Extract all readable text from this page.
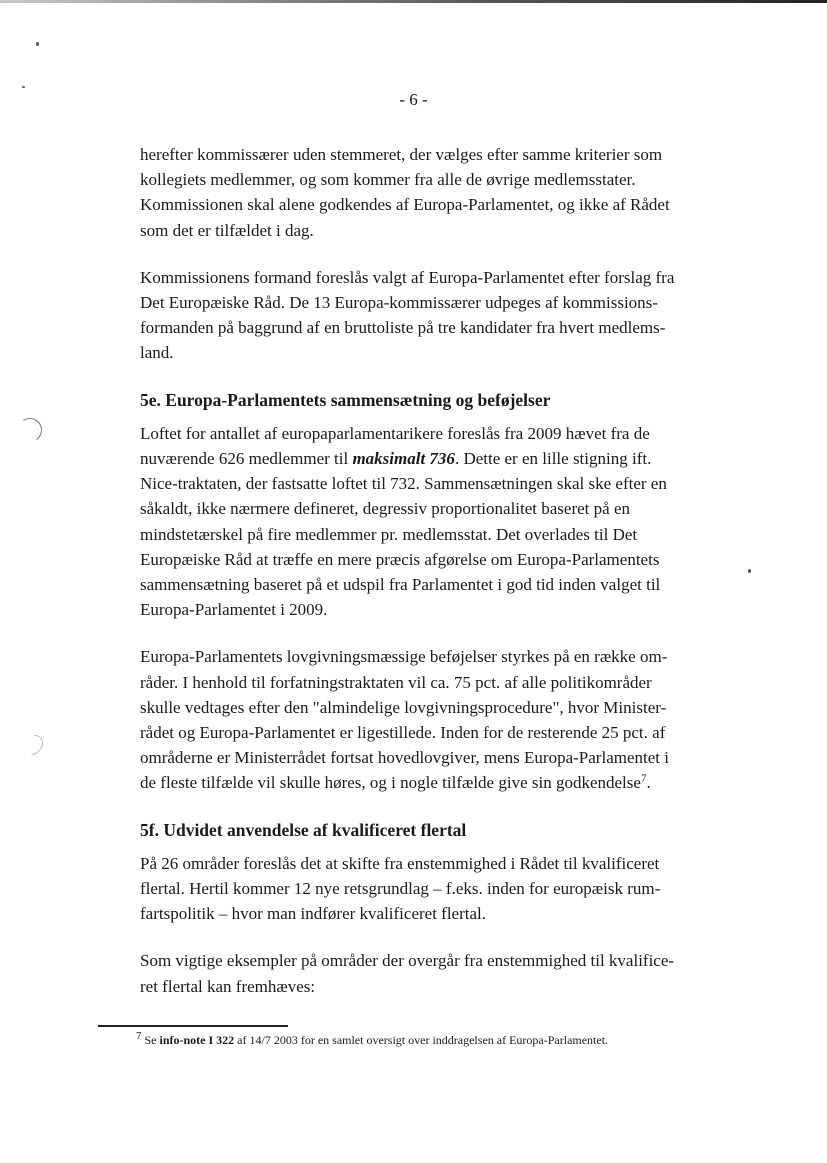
- 6 -

herefter kommissærer uden stemmeret, der vælges efter samme kriterier som
kollegiets medlemmer, og som kommer fra alle de øvrige medlemsstater.
Kommissionen skal alene godkendes af Europa-Parlamentet, og ikke af Rådet
som det er tilfældet i dag.

Kommissionens formand foreslås valgt af Europa-Parlamentet efter forslag fra
Det Europæiske Råd. De 13 Europa-kommissærer udpeges af kommissions-
formanden på baggrund af en bruttoliste på tre kandidater fra hvert medlems-
land.

5e. Europa-Parlamentets sammensætning og beføjelser

Loftet for antallet af europaparlamentarikere foreslås fra 2009 hævet fra de
nuværende 626 medlemmer til maksimalt 736. Dette er en lille stigning ift.
Nice-traktaten, der fastsatte loftet til 732. Sammensætningen skal ske efter en
såkaldt, ikke nærmere defineret, degressiv proportionalitet baseret på en
mindstetærskel på fire medlemmer pr. medlemsstat. Det overlades til Det
Europæiske Råd at træffe en mere præcis afgørelse om Europa-Parlamentets
sammensætning baseret på et udspil fra Parlamentet i god tid inden valget til
Europa-Parlamentet i 2009.

Europa-Parlamentets lovgivningsmæssige beføjelser styrkes på en række om-
råder. I henhold til forfatningstraktaten vil ca. 75 pct. af alle politikområder
skulle vedtages efter den "almindelige lovgivningsprocedure", hvor Minister-
rådet og Europa-Parlamentet er ligestillede. Inden for de resterende 25 pct. af
områderne er Ministerrådet fortsat hovedlovgiver, mens Europa-Parlamentet i
de fleste tilfælde vil skulle høres, og i nogle tilfælde give sin godkendelse$^7$.

5f. Udvidet anvendelse af kvalificeret flertal

På 26 områder foreslås det at skifte fra enstemmighed i Rådet til kvalificeret
flertal. Hertil kommer 12 nye retsgrundlag – f.eks. inden for europæisk rum-
fartspolitik – hvor man indfører kvalificeret flertal.

Som vigtige eksempler på områder der overgår fra enstemmighed til kvalifice-
ret flertal kan fremhæves:

$^7$ Se info-note I 322 af 14/7 2003 for en samlet oversigt over inddragelsen af Europa-Parlamentet.
